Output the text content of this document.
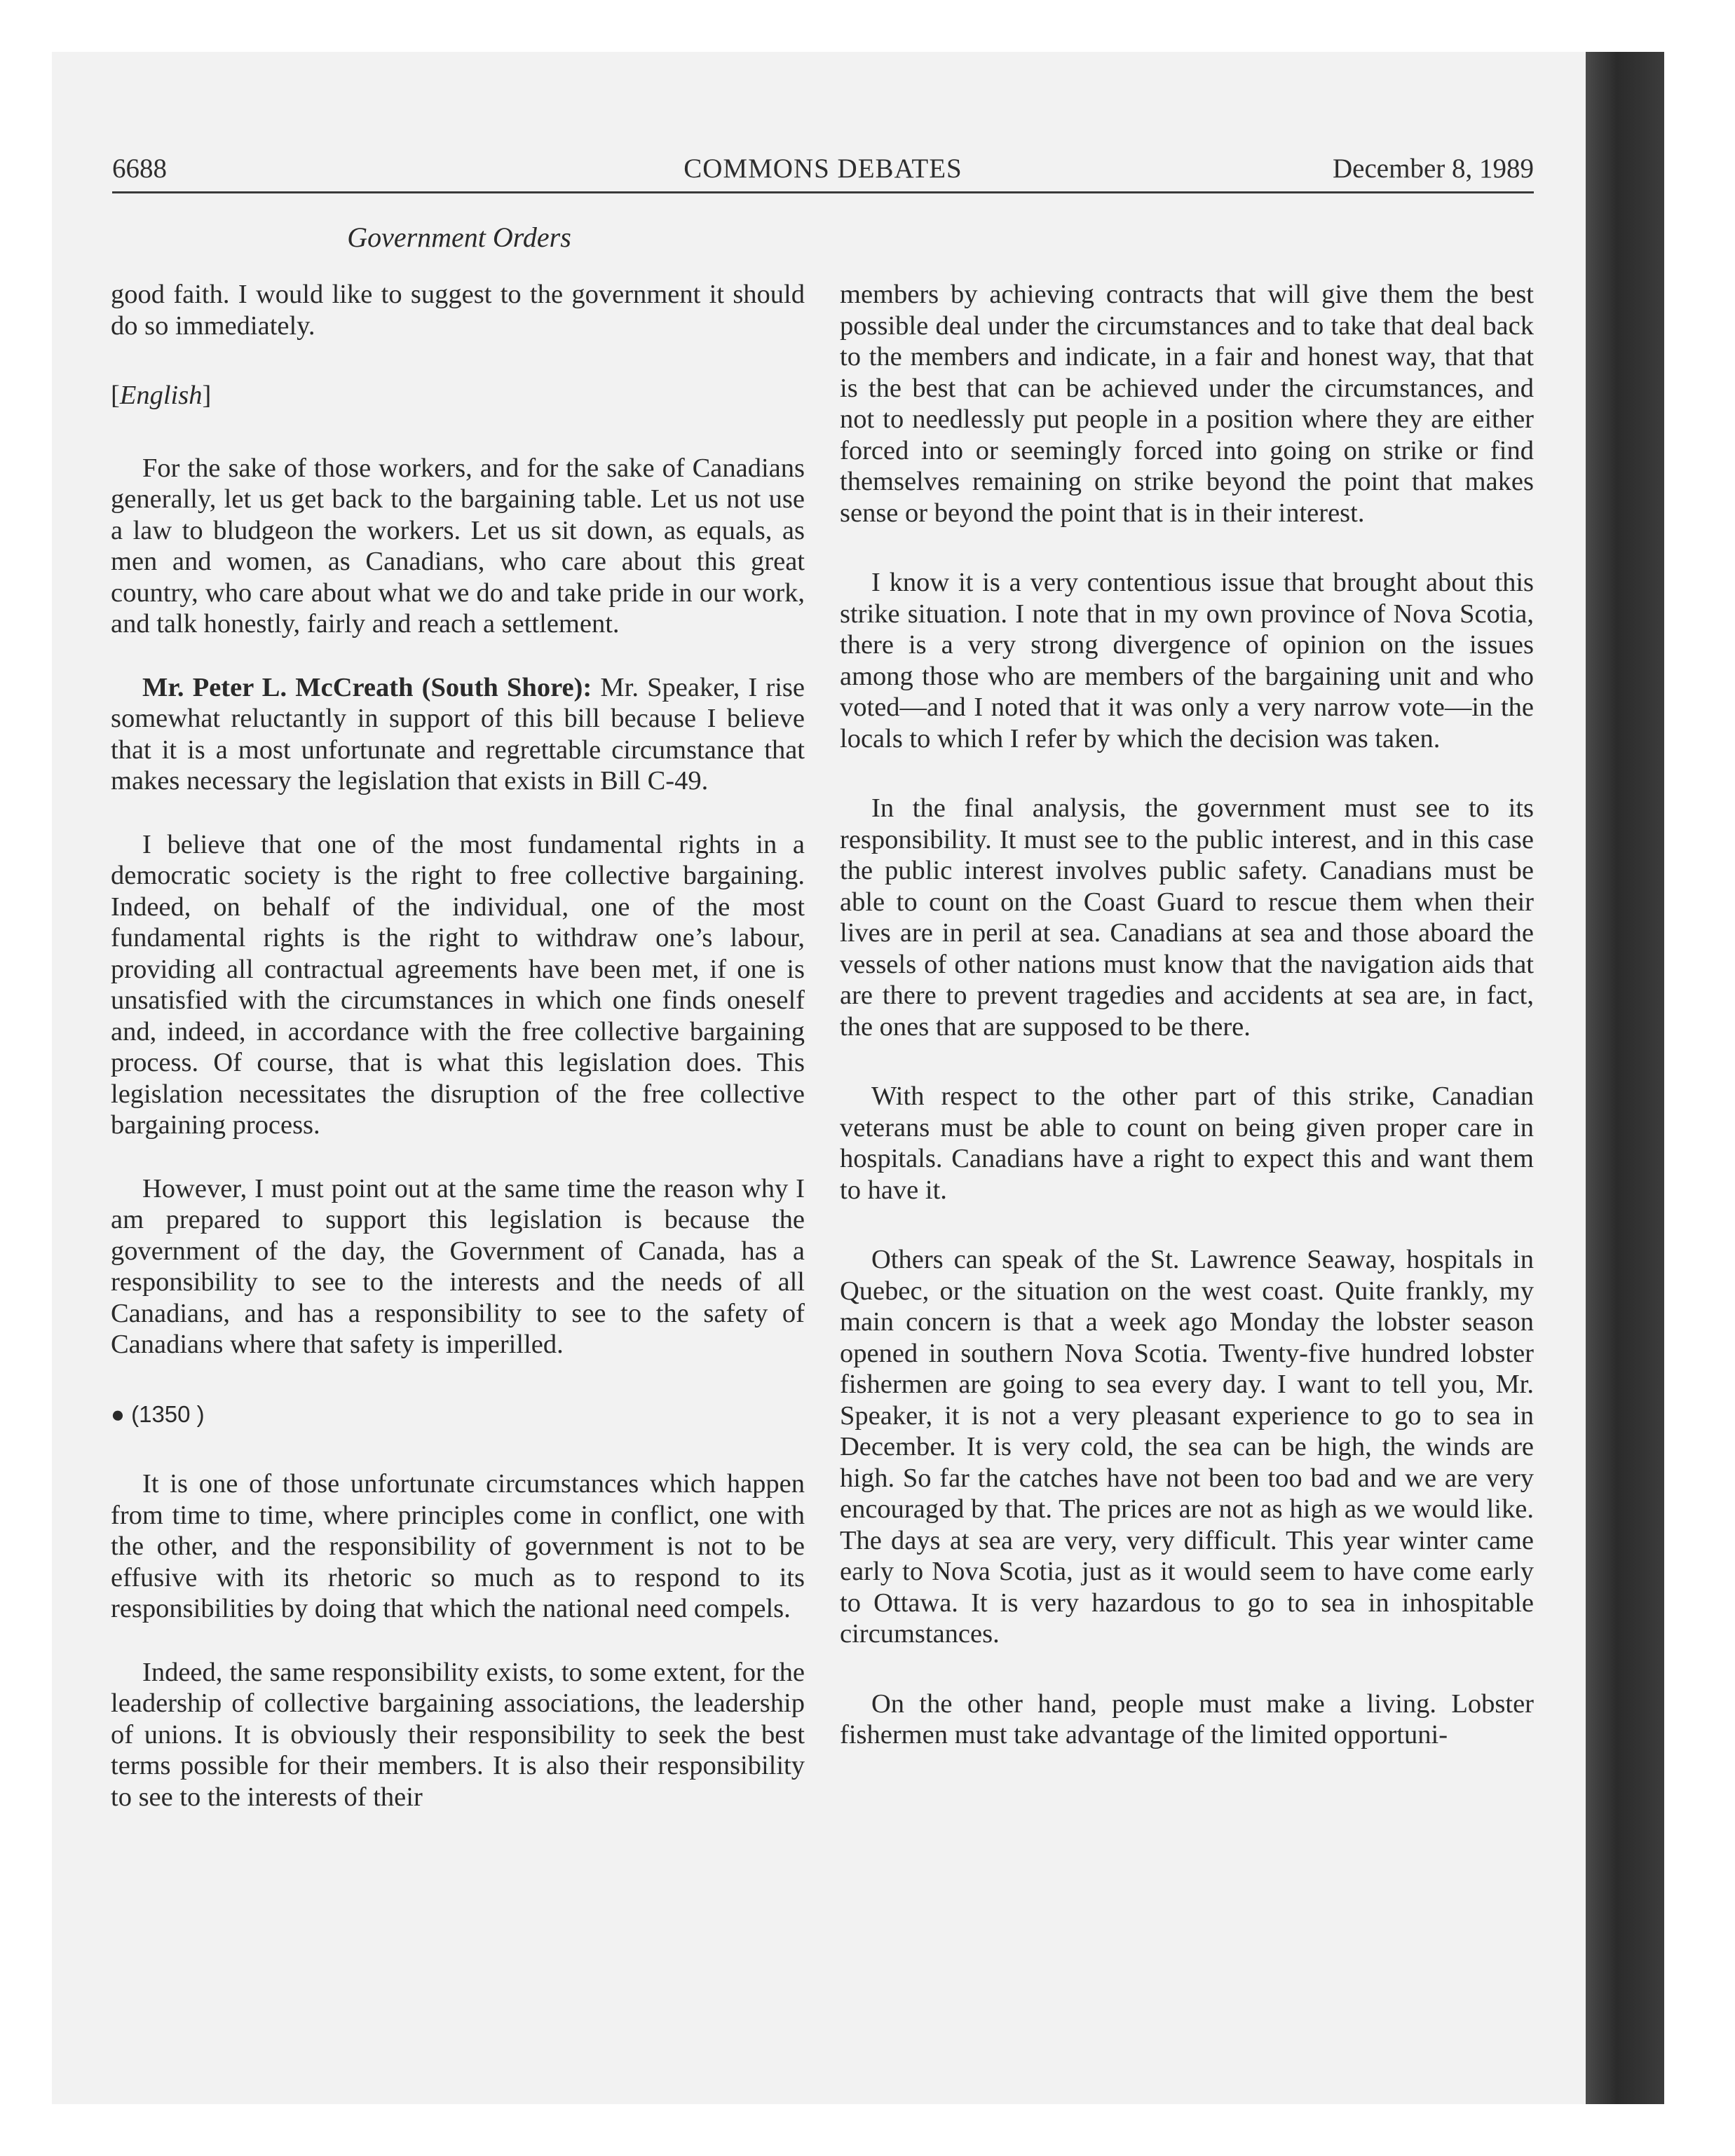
6688	COMMONS DEBATES	December 8, 1989
Government Orders

good faith. I would like to suggest to the government it should do so immediately.

[English]

For the sake of those workers, and for the sake of Canadians generally, let us get back to the bargaining table. Let us not use a law to bludgeon the workers. Let us sit down, as equals, as men and women, as Canadians, who care about this great country, who care about what we do and take pride in our work, and talk honestly, fairly and reach a settlement.

Mr. Peter L. McCreath (South Shore): Mr. Speaker, I rise somewhat reluctantly in support of this bill because I believe that it is a most unfortunate and regrettable circumstance that makes necessary the legislation that exists in Bill C-49.

I believe that one of the most fundamental rights in a democratic society is the right to free collective bargaining. Indeed, on behalf of the individual, one of the most fundamental rights is the right to withdraw one’s labour, providing all contractual agreements have been met, if one is unsatisfied with the circumstances in which one finds oneself and, indeed, in accordance with the free collective bargaining process. Of course, that is what this legislation does. This legislation necessitates the disruption of the free collective bargaining process.

However, I must point out at the same time the reason why I am prepared to support this legislation is because the government of the day, the Government of Canada, has a responsibility to see to the interests and the needs of all Canadians, and has a responsibility to see to the safety of Canadians where that safety is imperilled.

● (1350 )

It is one of those unfortunate circumstances which happen from time to time, where principles come in conflict, one with the other, and the responsibility of government is not to be effusive with its rhetoric so much as to respond to its responsibilities by doing that which the national need compels.

Indeed, the same responsibility exists, to some extent, for the leadership of collective bargaining associations, the leadership of unions. It is obviously their responsibility to seek the best terms possible for their members. It is also their responsibility to see to the interests of their

members by achieving contracts that will give them the best possible deal under the circumstances and to take that deal back to the members and indicate, in a fair and honest way, that that is the best that can be achieved under the circumstances, and not to needlessly put people in a position where they are either forced into or seemingly forced into going on strike or find themselves remaining on strike beyond the point that makes sense or beyond the point that is in their interest.

I know it is a very contentious issue that brought about this strike situation. I note that in my own province of Nova Scotia, there is a very strong divergence of opinion on the issues among those who are members of the bargaining unit and who voted—and I noted that it was only a very narrow vote—in the locals to which I refer by which the decision was taken.

In the final analysis, the government must see to its responsibility. It must see to the public interest, and in this case the public interest involves public safety. Canadians must be able to count on the Coast Guard to rescue them when their lives are in peril at sea. Canadians at sea and those aboard the vessels of other nations must know that the navigation aids that are there to prevent tragedies and accidents at sea are, in fact, the ones that are supposed to be there.

With respect to the other part of this strike, Canadian veterans must be able to count on being given proper care in hospitals. Canadians have a right to expect this and want them to have it.

Others can speak of the St. Lawrence Seaway, hospitals in Quebec, or the situation on the west coast. Quite frankly, my main concern is that a week ago Monday the lobster season opened in southern Nova Scotia. Twenty-five hundred lobster fishermen are going to sea every day. I want to tell you, Mr. Speaker, it is not a very pleasant experience to go to sea in December. It is very cold, the sea can be high, the winds are high. So far the catches have not been too bad and we are very encouraged by that. The prices are not as high as we would like. The days at sea are very, very difficult. This year winter came early to Nova Scotia, just as it would seem to have come early to Ottawa. It is very hazardous to go to sea in inhospitable circumstances.

On the other hand, people must make a living. Lobster fishermen must take advantage of the limited opportuni-
